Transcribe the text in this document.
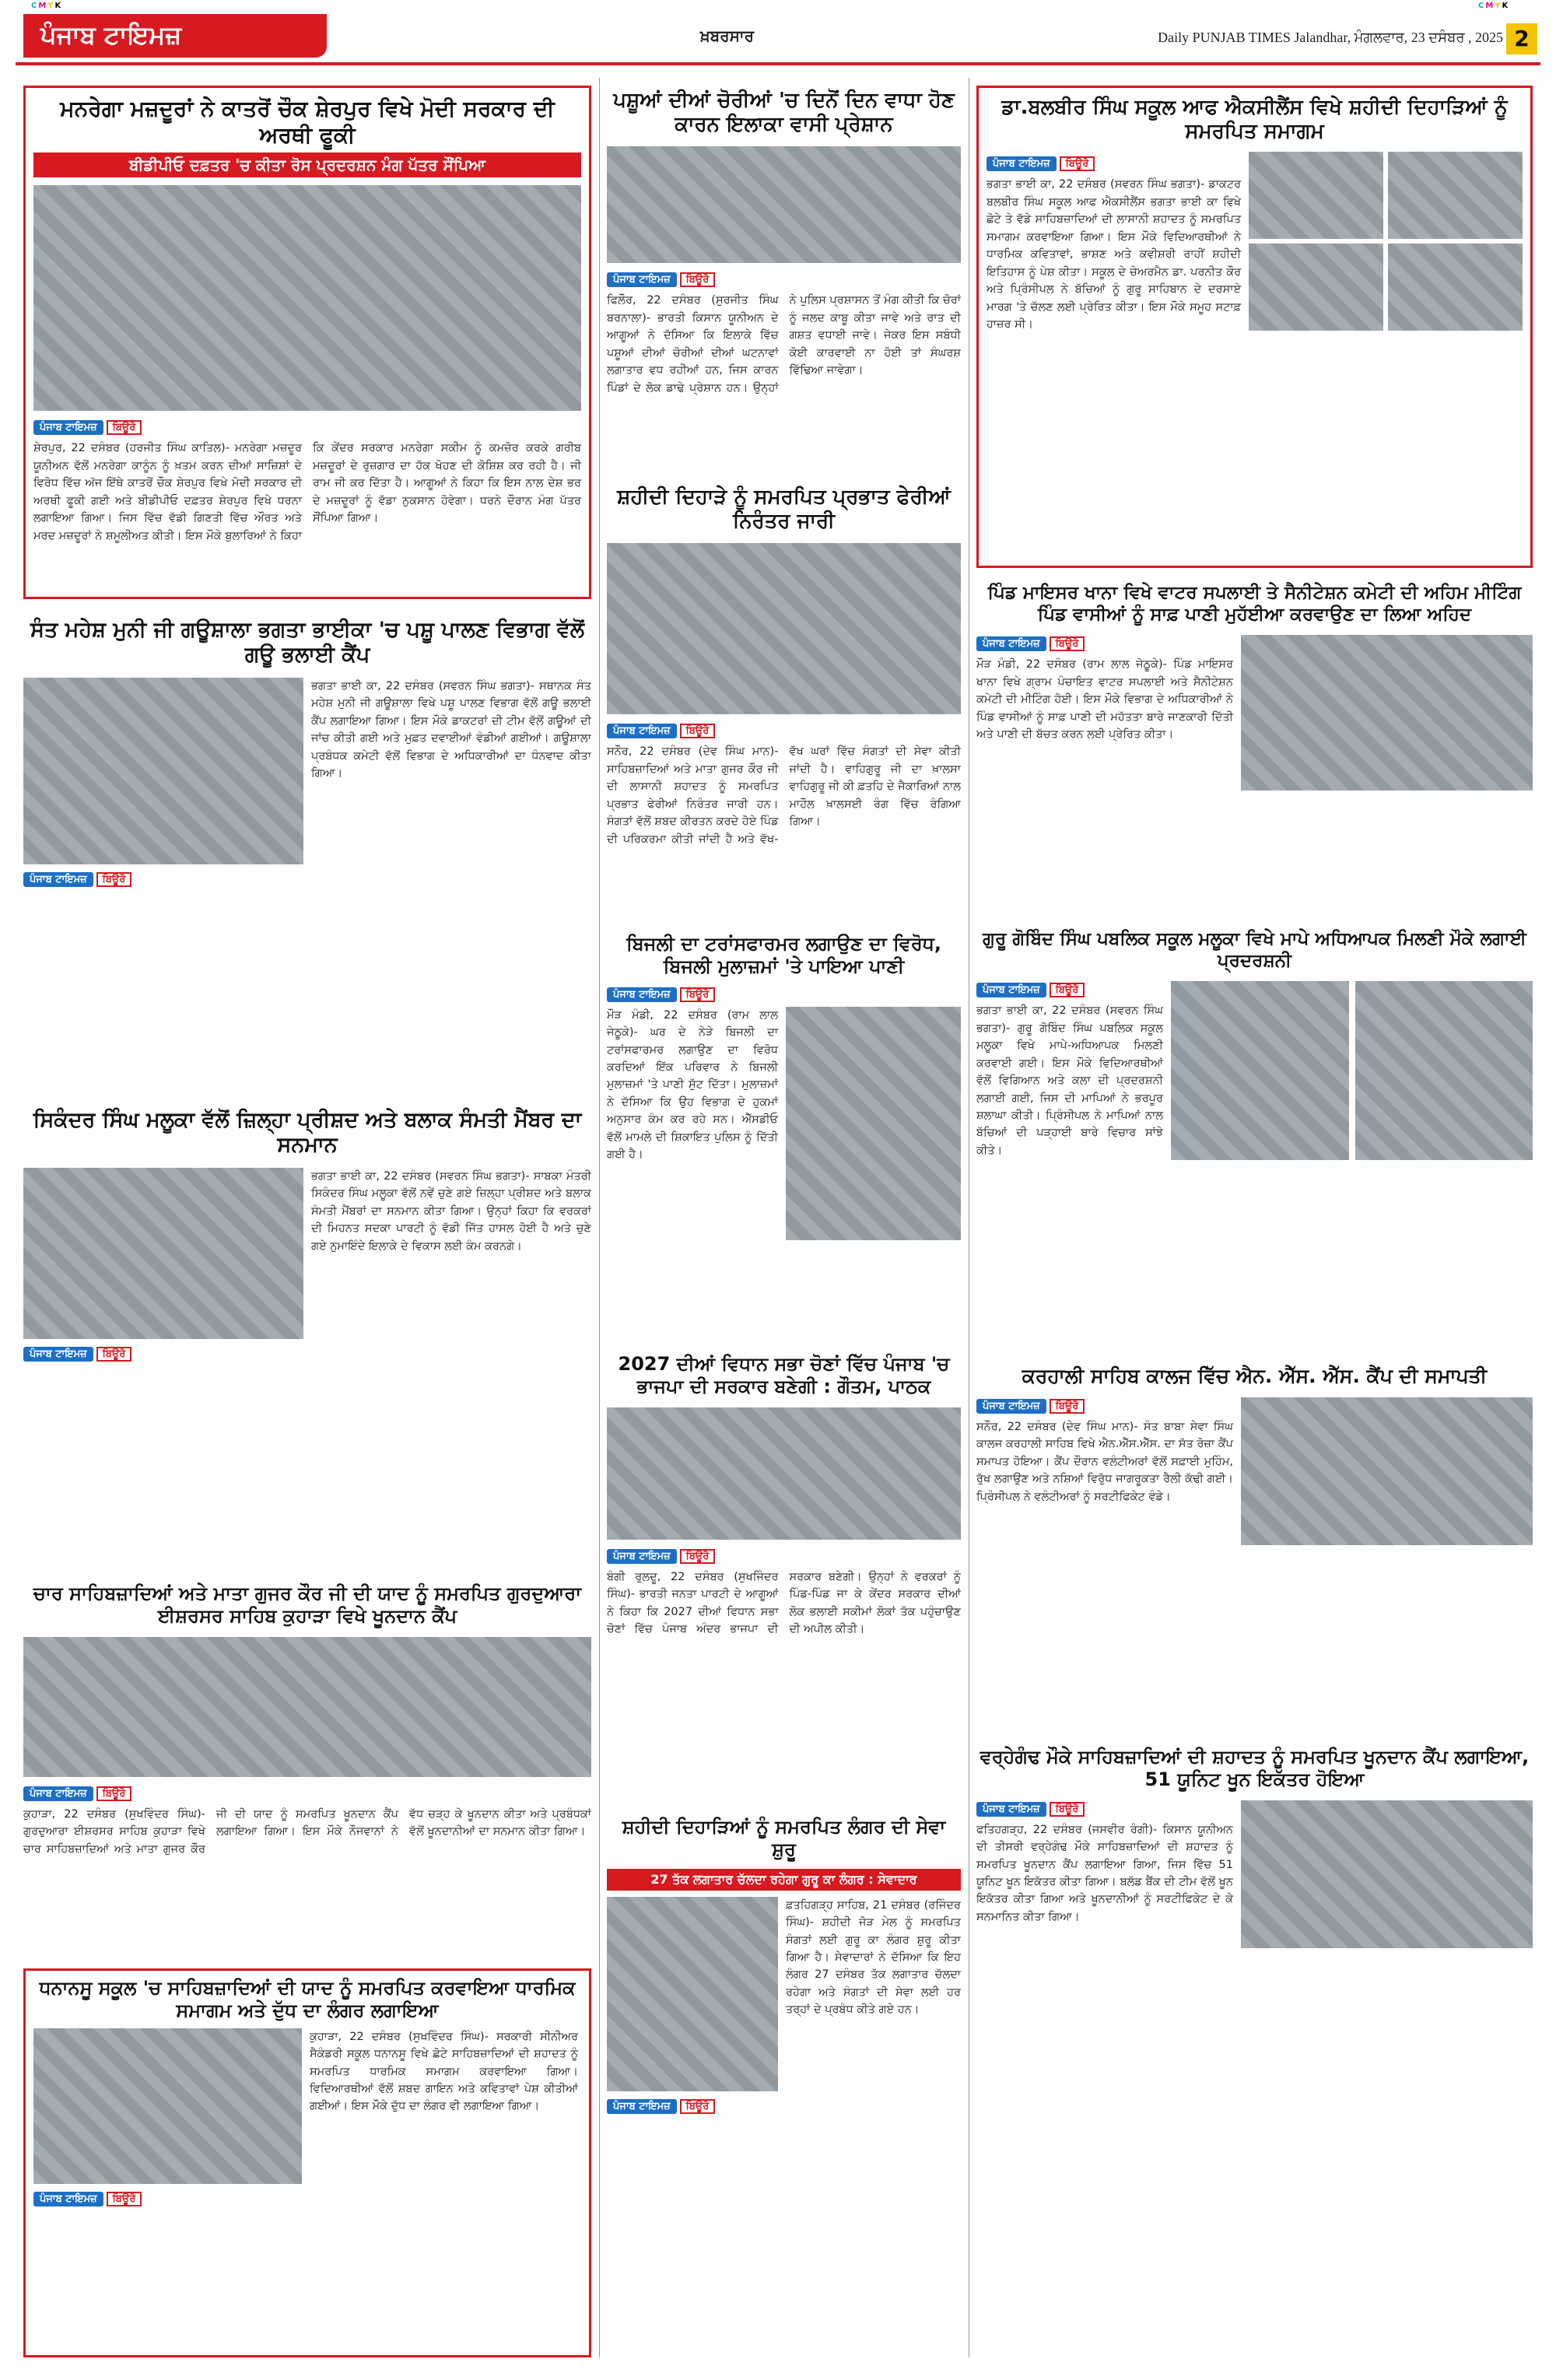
CMYK	CMYK
ਪੰਜਾਬ ਟਾਇਮਜ਼	ਖ਼ਬਰਸਾਰ	Daily PUNJAB TIMES Jalandhar, ਮੰਗਲਵਾਰ, 23 ਦਸੰਬਰ , 2025 2
ਮਨਰੇਗਾ ਮਜ਼ਦੂਰਾਂ ਨੇ ਕਾਤਰੋਂ ਚੌਕ ਸ਼ੇਰਪੁਰ ਵਿਖੇ ਮੋਦੀ ਸਰਕਾਰ ਦੀ ਅਰਥੀ ਫੂਕੀ
ਬੀਡੀਪੀਓ ਦਫ਼ਤਰ 'ਚ ਕੀਤਾ ਰੋਸ ਪ੍ਰਦਰਸ਼ਨ ਮੰਗ ਪੱਤਰ ਸੌਂਪਿਆ
ਪੰਜਾਬ ਟਾਇਮਜ਼ ਬਿਊਰੋ
ਸ਼ੇਰਪੁਰ, 22 ਦਸੰਬਰ (ਹਰਜੀਤ ਸਿੰਘ ਕਾਤਿਲ)- ਮਨਰੇਗਾ ਮਜ਼ਦੂਰ ਯੂਨੀਅਨ ਵੱਲੋਂ ਮਨਰੇਗਾ ਕਾਨੂੰਨ ਨੂੰ ਖ਼ਤਮ ਕਰਨ ਦੀਆਂ ਸਾਜ਼ਿਸ਼ਾਂ ਦੇ ਵਿਰੋਧ ਵਿੱਚ ਅੱਜ ਇੱਥੇ ਕਾਤਰੋਂ ਚੌਕ ਸ਼ੇਰਪੁਰ ਵਿਖੇ ਮੋਦੀ ਸਰਕਾਰ ਦੀ ਅਰਥੀ ਫੂਕੀ ਗਈ ਅਤੇ ਬੀਡੀਪੀਓ ਦਫ਼ਤਰ ਸ਼ੇਰਪੁਰ ਵਿਖੇ ਧਰਨਾ ਲਗਾਇਆ ਗਿਆ। ਜਿਸ ਵਿੱਚ ਵੱਡੀ ਗਿਣਤੀ ਵਿੱਚ ਔਰਤ ਅਤੇ ਮਰਦ ਮਜ਼ਦੂਰਾਂ ਨੇ ਸ਼ਮੂਲੀਅਤ ਕੀਤੀ। ਇਸ ਮੌਕੇ ਬੁਲਾਰਿਆਂ ਨੇ ਕਿਹਾ ਕਿ ਕੇਂਦਰ ਸਰਕਾਰ ਮਨਰੇਗਾ ਸਕੀਮ ਨੂੰ ਕਮਜ਼ੋਰ ਕਰਕੇ ਗਰੀਬ ਮਜ਼ਦੂਰਾਂ ਦੇ ਰੁਜ਼ਗਾਰ ਦਾ ਹੱਕ ਖੋਹਣ ਦੀ ਕੋਸ਼ਿਸ਼ ਕਰ ਰਹੀ ਹੈ। ਜੀ ਰਾਮ ਜੀ ਕਰ ਦਿੱਤਾ ਹੈ। ਆਗੂਆਂ ਨੇ ਕਿਹਾ ਕਿ ਇਸ ਨਾਲ ਦੇਸ਼ ਭਰ ਦੇ ਮਜ਼ਦੂਰਾਂ ਨੂੰ ਵੱਡਾ ਨੁਕਸਾਨ ਹੋਵੇਗਾ। ਧਰਨੇ ਦੌਰਾਨ ਮੰਗ ਪੱਤਰ ਸੌਂਪਿਆ ਗਿਆ।
ਪਸ਼ੂਆਂ ਦੀਆਂ ਚੋਰੀਆਂ 'ਚ ਦਿਨੋਂ ਦਿਨ ਵਾਧਾ ਹੋਣ ਕਾਰਨ ਇਲਾਕਾ ਵਾਸੀ ਪ੍ਰੇਸ਼ਾਨ
ਪੰਜਾਬ ਟਾਇਮਜ਼ ਬਿਊਰੋ
ਫਿਲੌਰ, 22 ਦਸੰਬਰ (ਸੁਰਜੀਤ ਸਿੰਘ ਬਰਨਾਲਾ)- ਭਾਰਤੀ ਕਿਸਾਨ ਯੂਨੀਅਨ ਦੇ ਆਗੂਆਂ ਨੇ ਦੱਸਿਆ ਕਿ ਇਲਾਕੇ ਵਿੱਚ ਪਸ਼ੂਆਂ ਦੀਆਂ ਚੋਰੀਆਂ ਦੀਆਂ ਘਟਨਾਵਾਂ ਲਗਾਤਾਰ ਵਧ ਰਹੀਆਂ ਹਨ, ਜਿਸ ਕਾਰਨ ਪਿੰਡਾਂ ਦੇ ਲੋਕ ਡਾਢੇ ਪ੍ਰੇਸ਼ਾਨ ਹਨ। ਉਨ੍ਹਾਂ ਨੇ ਪੁਲਿਸ ਪ੍ਰਸ਼ਾਸਨ ਤੋਂ ਮੰਗ ਕੀਤੀ ਕਿ ਚੋਰਾਂ ਨੂੰ ਜਲਦ ਕਾਬੂ ਕੀਤਾ ਜਾਵੇ ਅਤੇ ਰਾਤ ਦੀ ਗਸ਼ਤ ਵਧਾਈ ਜਾਵੇ। ਜੇਕਰ ਇਸ ਸਬੰਧੀ ਕੋਈ ਕਾਰਵਾਈ ਨਾ ਹੋਈ ਤਾਂ ਸੰਘਰਸ਼ ਵਿੱਢਿਆ ਜਾਵੇਗਾ।
ਸ਼ਹੀਦੀ ਦਿਹਾੜੇ ਨੂੰ ਸਮਰਪਿਤ ਪ੍ਰਭਾਤ ਫੇਰੀਆਂ ਨਿਰੰਤਰ ਜਾਰੀ
ਪੰਜਾਬ ਟਾਇਮਜ਼ ਬਿਊਰੋ
ਸਨੌਰ, 22 ਦਸੰਬਰ (ਦੇਵ ਸਿੰਘ ਮਾਨ)- ਸਾਹਿਬਜ਼ਾਦਿਆਂ ਅਤੇ ਮਾਤਾ ਗੁਜਰ ਕੌਰ ਜੀ ਦੀ ਲਾਸਾਨੀ ਸ਼ਹਾਦਤ ਨੂੰ ਸਮਰਪਿਤ ਪ੍ਰਭਾਤ ਫੇਰੀਆਂ ਨਿਰੰਤਰ ਜਾਰੀ ਹਨ। ਸੰਗਤਾਂ ਵੱਲੋਂ ਸ਼ਬਦ ਕੀਰਤਨ ਕਰਦੇ ਹੋਏ ਪਿੰਡ ਦੀ ਪਰਿਕਰਮਾ ਕੀਤੀ ਜਾਂਦੀ ਹੈ ਅਤੇ ਵੱਖ-ਵੱਖ ਘਰਾਂ ਵਿੱਚ ਸੰਗਤਾਂ ਦੀ ਸੇਵਾ ਕੀਤੀ ਜਾਂਦੀ ਹੈ। ਵਾਹਿਗੁਰੂ ਜੀ ਦਾ ਖ਼ਾਲਸਾ ਵਾਹਿਗੁਰੂ ਜੀ ਕੀ ਫ਼ਤਹਿ ਦੇ ਜੈਕਾਰਿਆਂ ਨਾਲ ਮਾਹੌਲ ਖ਼ਾਲਸਈ ਰੰਗ ਵਿੱਚ ਰੰਗਿਆ ਗਿਆ।
ਡਾ.ਬਲਬੀਰ ਸਿੰਘ ਸਕੂਲ ਆਫ ਐਕਸੀਲੈਂਸ ਵਿਖੇ ਸ਼ਹੀਦੀ ਦਿਹਾੜਿਆਂ ਨੂੰ ਸਮਰਪਿਤ ਸਮਾਗਮ
ਪੰਜਾਬ ਟਾਇਮਜ਼ ਬਿਊਰੋ
ਭਗਤਾ ਭਾਈ ਕਾ, 22 ਦਸੰਬਰ (ਸਵਰਨ ਸਿੰਘ ਭਗਤਾ)- ਡਾਕਟਰ ਬਲਬੀਰ ਸਿੰਘ ਸਕੂਲ ਆਫ ਐਕਸੀਲੈਂਸ ਭਗਤਾ ਭਾਈ ਕਾ ਵਿਖੇ ਛੋਟੇ ਤੇ ਵੱਡੇ ਸਾਹਿਬਜ਼ਾਦਿਆਂ ਦੀ ਲਾਸਾਨੀ ਸ਼ਹਾਦਤ ਨੂੰ ਸਮਰਪਿਤ ਸਮਾਗਮ ਕਰਵਾਇਆ ਗਿਆ। ਇਸ ਮੌਕੇ ਵਿਦਿਆਰਥੀਆਂ ਨੇ ਧਾਰਮਿਕ ਕਵਿਤਾਵਾਂ, ਭਾਸ਼ਣ ਅਤੇ ਕਵੀਸ਼ਰੀ ਰਾਹੀਂ ਸ਼ਹੀਦੀ ਇਤਿਹਾਸ ਨੂੰ ਪੇਸ਼ ਕੀਤਾ। ਸਕੂਲ ਦੇ ਚੇਅਰਮੈਨ ਡਾ. ਪਰਨੀਤ ਕੌਰ ਅਤੇ ਪ੍ਰਿੰਸੀਪਲ ਨੇ ਬੱਚਿਆਂ ਨੂੰ ਗੁਰੂ ਸਾਹਿਬਾਨ ਦੇ ਦਰਸਾਏ ਮਾਰਗ 'ਤੇ ਚੱਲਣ ਲਈ ਪ੍ਰੇਰਿਤ ਕੀਤਾ। ਇਸ ਮੌਕੇ ਸਮੂਹ ਸਟਾਫ਼ ਹਾਜ਼ਰ ਸੀ।
ਪਿੰਡ ਮਾਇਸਰ ਖਾਨਾ ਵਿਖੇ ਵਾਟਰ ਸਪਲਾਈ ਤੇ ਸੈਨੀਟੇਸ਼ਨ ਕਮੇਟੀ ਦੀ ਅਹਿਮ ਮੀਟਿੰਗ ਪਿੰਡ ਵਾਸੀਆਂ ਨੂੰ ਸਾਫ਼ ਪਾਣੀ ਮੁਹੱਈਆ ਕਰਵਾਉਣ ਦਾ ਲਿਆ ਅਹਿਦ
ਪੰਜਾਬ ਟਾਇਮਜ਼ ਬਿਊਰੋ
ਮੌੜ ਮੰਡੀ, 22 ਦਸੰਬਰ (ਰਾਮ ਲਾਲ ਜੇਠੂਕੇ)- ਪਿੰਡ ਮਾਇਸਰ ਖਾਨਾ ਵਿਖੇ ਗ੍ਰਾਮ ਪੰਚਾਇਤ ਵਾਟਰ ਸਪਲਾਈ ਅਤੇ ਸੈਨੀਟੇਸ਼ਨ ਕਮੇਟੀ ਦੀ ਮੀਟਿੰਗ ਹੋਈ। ਇਸ ਮੌਕੇ ਵਿਭਾਗ ਦੇ ਅਧਿਕਾਰੀਆਂ ਨੇ ਪਿੰਡ ਵਾਸੀਆਂ ਨੂੰ ਸਾਫ਼ ਪਾਣੀ ਦੀ ਮਹੱਤਤਾ ਬਾਰੇ ਜਾਣਕਾਰੀ ਦਿੱਤੀ ਅਤੇ ਪਾਣੀ ਦੀ ਬੱਚਤ ਕਰਨ ਲਈ ਪ੍ਰੇਰਿਤ ਕੀਤਾ।
ਸੰਤ ਮਹੇਸ਼ ਮੁਨੀ ਜੀ ਗਊਸ਼ਾਲਾ ਭਗਤਾ ਭਾਈਕਾ 'ਚ ਪਸ਼ੂ ਪਾਲਣ ਵਿਭਾਗ ਵੱਲੋਂ ਗਊ ਭਲਾਈ ਕੈਂਪ
ਪੰਜਾਬ ਟਾਇਮਜ਼ ਬਿਊਰੋ
ਭਗਤਾ ਭਾਈ ਕਾ, 22 ਦਸੰਬਰ (ਸਵਰਨ ਸਿੰਘ ਭਗਤਾ)- ਸਥਾਨਕ ਸੰਤ ਮਹੇਸ਼ ਮੁਨੀ ਜੀ ਗਊਸ਼ਾਲਾ ਵਿਖੇ ਪਸ਼ੂ ਪਾਲਣ ਵਿਭਾਗ ਵੱਲੋਂ ਗਊ ਭਲਾਈ ਕੈਂਪ ਲਗਾਇਆ ਗਿਆ। ਇਸ ਮੌਕੇ ਡਾਕਟਰਾਂ ਦੀ ਟੀਮ ਵੱਲੋਂ ਗਊਆਂ ਦੀ ਜਾਂਚ ਕੀਤੀ ਗਈ ਅਤੇ ਮੁਫ਼ਤ ਦਵਾਈਆਂ ਵੰਡੀਆਂ ਗਈਆਂ। ਗਊਸ਼ਾਲਾ ਪ੍ਰਬੰਧਕ ਕਮੇਟੀ ਵੱਲੋਂ ਵਿਭਾਗ ਦੇ ਅਧਿਕਾਰੀਆਂ ਦਾ ਧੰਨਵਾਦ ਕੀਤਾ ਗਿਆ।
ਸਿਕੰਦਰ ਸਿੰਘ ਮਲੂਕਾ ਵੱਲੋਂ ਜ਼ਿਲ੍ਹਾ ਪ੍ਰੀਸ਼ਦ ਅਤੇ ਬਲਾਕ ਸੰਮਤੀ ਮੈਂਬਰ ਦਾ ਸਨਮਾਨ
ਪੰਜਾਬ ਟਾਇਮਜ਼ ਬਿਊਰੋ
ਭਗਤਾ ਭਾਈ ਕਾ, 22 ਦਸੰਬਰ (ਸਵਰਨ ਸਿੰਘ ਭਗਤਾ)- ਸਾਬਕਾ ਮੰਤਰੀ ਸਿਕੰਦਰ ਸਿੰਘ ਮਲੂਕਾ ਵੱਲੋਂ ਨਵੇਂ ਚੁਣੇ ਗਏ ਜ਼ਿਲ੍ਹਾ ਪ੍ਰੀਸ਼ਦ ਅਤੇ ਬਲਾਕ ਸੰਮਤੀ ਮੈਂਬਰਾਂ ਦਾ ਸਨਮਾਨ ਕੀਤਾ ਗਿਆ। ਉਨ੍ਹਾਂ ਕਿਹਾ ਕਿ ਵਰਕਰਾਂ ਦੀ ਮਿਹਨਤ ਸਦਕਾ ਪਾਰਟੀ ਨੂੰ ਵੱਡੀ ਜਿੱਤ ਹਾਸਲ ਹੋਈ ਹੈ ਅਤੇ ਚੁਣੇ ਗਏ ਨੁਮਾਇੰਦੇ ਇਲਾਕੇ ਦੇ ਵਿਕਾਸ ਲਈ ਕੰਮ ਕਰਨਗੇ।
ਚਾਰ ਸਾਹਿਬਜ਼ਾਦਿਆਂ ਅਤੇ ਮਾਤਾ ਗੁਜਰ ਕੌਰ ਜੀ ਦੀ ਯਾਦ ਨੂੰ ਸਮਰਪਿਤ ਗੁਰਦੁਆਰਾ ਈਸ਼ਰਸਰ ਸਾਹਿਬ ਕੁਹਾੜਾ ਵਿਖੇ ਖੂਨਦਾਨ ਕੈਂਪ
ਪੰਜਾਬ ਟਾਇਮਜ਼ ਬਿਊਰੋ
ਕੁਹਾੜਾ, 22 ਦਸੰਬਰ (ਸੁਖਵਿੰਦਰ ਸਿੰਘ)- ਗੁਰਦੁਆਰਾ ਈਸ਼ਰਸਰ ਸਾਹਿਬ ਕੁਹਾੜਾ ਵਿਖੇ ਚਾਰ ਸਾਹਿਬਜ਼ਾਦਿਆਂ ਅਤੇ ਮਾਤਾ ਗੁਜਰ ਕੌਰ ਜੀ ਦੀ ਯਾਦ ਨੂੰ ਸਮਰਪਿਤ ਖੂਨਦਾਨ ਕੈਂਪ ਲਗਾਇਆ ਗਿਆ। ਇਸ ਮੌਕੇ ਨੌਜਵਾਨਾਂ ਨੇ ਵੱਧ ਚੜ੍ਹ ਕੇ ਖੂਨਦਾਨ ਕੀਤਾ ਅਤੇ ਪ੍ਰਬੰਧਕਾਂ ਵੱਲੋਂ ਖੂਨਦਾਨੀਆਂ ਦਾ ਸਨਮਾਨ ਕੀਤਾ ਗਿਆ।
ਧਨਾਨਸੂ ਸਕੂਲ 'ਚ ਸਾਹਿਬਜ਼ਾਦਿਆਂ ਦੀ ਯਾਦ ਨੂੰ ਸਮਰਪਿਤ ਕਰਵਾਇਆ ਧਾਰਮਿਕ ਸਮਾਗਮ ਅਤੇ ਦੁੱਧ ਦਾ ਲੰਗਰ ਲਗਾਇਆ
ਪੰਜਾਬ ਟਾਇਮਜ਼ ਬਿਊਰੋ
ਕੁਹਾੜਾ, 22 ਦਸੰਬਰ (ਸੁਖਵਿੰਦਰ ਸਿੰਘ)- ਸਰਕਾਰੀ ਸੀਨੀਅਰ ਸੈਕੰਡਰੀ ਸਕੂਲ ਧਨਾਨਸੂ ਵਿਖੇ ਛੋਟੇ ਸਾਹਿਬਜ਼ਾਦਿਆਂ ਦੀ ਸ਼ਹਾਦਤ ਨੂੰ ਸਮਰਪਿਤ ਧਾਰਮਿਕ ਸਮਾਗਮ ਕਰਵਾਇਆ ਗਿਆ। ਵਿਦਿਆਰਥੀਆਂ ਵੱਲੋਂ ਸ਼ਬਦ ਗਾਇਨ ਅਤੇ ਕਵਿਤਾਵਾਂ ਪੇਸ਼ ਕੀਤੀਆਂ ਗਈਆਂ। ਇਸ ਮੌਕੇ ਦੁੱਧ ਦਾ ਲੰਗਰ ਵੀ ਲਗਾਇਆ ਗਿਆ।
ਬਿਜਲੀ ਦਾ ਟਰਾਂਸਫਾਰਮਰ ਲਗਾਉਣ ਦਾ ਵਿਰੋਧ, ਬਿਜਲੀ ਮੁਲਾਜ਼ਮਾਂ 'ਤੇ ਪਾਇਆ ਪਾਣੀ
ਪੰਜਾਬ ਟਾਇਮਜ਼ ਬਿਊਰੋ
ਮੌੜ ਮੰਡੀ, 22 ਦਸੰਬਰ (ਰਾਮ ਲਾਲ ਜੇਠੂਕੇ)- ਘਰ ਦੇ ਨੇੜੇ ਬਿਜਲੀ ਦਾ ਟਰਾਂਸਫਾਰਮਰ ਲਗਾਉਣ ਦਾ ਵਿਰੋਧ ਕਰਦਿਆਂ ਇੱਕ ਪਰਿਵਾਰ ਨੇ ਬਿਜਲੀ ਮੁਲਾਜ਼ਮਾਂ 'ਤੇ ਪਾਣੀ ਸੁੱਟ ਦਿੱਤਾ। ਮੁਲਾਜ਼ਮਾਂ ਨੇ ਦੱਸਿਆ ਕਿ ਉਹ ਵਿਭਾਗ ਦੇ ਹੁਕਮਾਂ ਅਨੁਸਾਰ ਕੰਮ ਕਰ ਰਹੇ ਸਨ। ਐੱਸਡੀਓ ਵੱਲੋਂ ਮਾਮਲੇ ਦੀ ਸ਼ਿਕਾਇਤ ਪੁਲਿਸ ਨੂੰ ਦਿੱਤੀ ਗਈ ਹੈ।
2027 ਦੀਆਂ ਵਿਧਾਨ ਸਭਾ ਚੋਣਾਂ ਵਿੱਚ ਪੰਜਾਬ 'ਚ ਭਾਜਪਾ ਦੀ ਸਰਕਾਰ ਬਣੇਗੀ : ਗੌਤਮ, ਪਾਠਕ
ਪੰਜਾਬ ਟਾਇਮਜ਼ ਬਿਊਰੋ
ਬੰਗੀ ਰੁਲਦੂ, 22 ਦਸੰਬਰ (ਸੁਖਜਿੰਦਰ ਸਿੰਘ)- ਭਾਰਤੀ ਜਨਤਾ ਪਾਰਟੀ ਦੇ ਆਗੂਆਂ ਨੇ ਕਿਹਾ ਕਿ 2027 ਦੀਆਂ ਵਿਧਾਨ ਸਭਾ ਚੋਣਾਂ ਵਿੱਚ ਪੰਜਾਬ ਅੰਦਰ ਭਾਜਪਾ ਦੀ ਸਰਕਾਰ ਬਣੇਗੀ। ਉਨ੍ਹਾਂ ਨੇ ਵਰਕਰਾਂ ਨੂੰ ਪਿੰਡ-ਪਿੰਡ ਜਾ ਕੇ ਕੇਂਦਰ ਸਰਕਾਰ ਦੀਆਂ ਲੋਕ ਭਲਾਈ ਸਕੀਮਾਂ ਲੋਕਾਂ ਤੱਕ ਪਹੁੰਚਾਉਣ ਦੀ ਅਪੀਲ ਕੀਤੀ।
ਸ਼ਹੀਦੀ ਦਿਹਾੜਿਆਂ ਨੂੰ ਸਮਰਪਿਤ ਲੰਗਰ ਦੀ ਸੇਵਾ ਸ਼ੁਰੂ
27 ਤੱਕ ਲਗਾਤਾਰ ਚੱਲਦਾ ਰਹੇਗਾ ਗੁਰੂ ਕਾ ਲੰਗਰ : ਸੇਵਾਦਾਰ
ਪੰਜਾਬ ਟਾਇਮਜ਼ ਬਿਊਰੋ
ਫ਼ਤਹਿਗੜ੍ਹ ਸਾਹਿਬ, 21 ਦਸੰਬਰ (ਰਜਿੰਦਰ ਸਿੰਘ)- ਸ਼ਹੀਦੀ ਜੋੜ ਮੇਲ ਨੂੰ ਸਮਰਪਿਤ ਸੰਗਤਾਂ ਲਈ ਗੁਰੂ ਕਾ ਲੰਗਰ ਸ਼ੁਰੂ ਕੀਤਾ ਗਿਆ ਹੈ। ਸੇਵਾਦਾਰਾਂ ਨੇ ਦੱਸਿਆ ਕਿ ਇਹ ਲੰਗਰ 27 ਦਸੰਬਰ ਤੱਕ ਲਗਾਤਾਰ ਚੱਲਦਾ ਰਹੇਗਾ ਅਤੇ ਸੰਗਤਾਂ ਦੀ ਸੇਵਾ ਲਈ ਹਰ ਤਰ੍ਹਾਂ ਦੇ ਪ੍ਰਬੰਧ ਕੀਤੇ ਗਏ ਹਨ।
ਗੁਰੂ ਗੋਬਿੰਦ ਸਿੰਘ ਪਬਲਿਕ ਸਕੂਲ ਮਲੂਕਾ ਵਿਖੇ ਮਾਪੇ ਅਧਿਆਪਕ ਮਿਲਣੀ ਮੌਕੇ ਲਗਾਈ ਪ੍ਰਦਰਸ਼ਨੀ
ਪੰਜਾਬ ਟਾਇਮਜ਼ ਬਿਊਰੋ
ਭਗਤਾ ਭਾਈ ਕਾ, 22 ਦਸੰਬਰ (ਸਵਰਨ ਸਿੰਘ ਭਗਤਾ)- ਗੁਰੂ ਗੋਬਿੰਦ ਸਿੰਘ ਪਬਲਿਕ ਸਕੂਲ ਮਲੂਕਾ ਵਿਖੇ ਮਾਪੇ-ਅਧਿਆਪਕ ਮਿਲਣੀ ਕਰਵਾਈ ਗਈ। ਇਸ ਮੌਕੇ ਵਿਦਿਆਰਥੀਆਂ ਵੱਲੋਂ ਵਿਗਿਆਨ ਅਤੇ ਕਲਾ ਦੀ ਪ੍ਰਦਰਸ਼ਨੀ ਲਗਾਈ ਗਈ, ਜਿਸ ਦੀ ਮਾਪਿਆਂ ਨੇ ਭਰਪੂਰ ਸ਼ਲਾਘਾ ਕੀਤੀ। ਪ੍ਰਿੰਸੀਪਲ ਨੇ ਮਾਪਿਆਂ ਨਾਲ ਬੱਚਿਆਂ ਦੀ ਪੜ੍ਹਾਈ ਬਾਰੇ ਵਿਚਾਰ ਸਾਂਝੇ ਕੀਤੇ।
ਕਰਹਾਲੀ ਸਾਹਿਬ ਕਾਲਜ ਵਿੱਚ ਐਨ. ਐੱਸ. ਐੱਸ. ਕੈਂਪ ਦੀ ਸਮਾਪਤੀ
ਪੰਜਾਬ ਟਾਇਮਜ਼ ਬਿਊਰੋ
ਸਨੌਰ, 22 ਦਸੰਬਰ (ਦੇਵ ਸਿੰਘ ਮਾਨ)- ਸੰਤ ਬਾਬਾ ਸੇਵਾ ਸਿੰਘ ਕਾਲਜ ਕਰਹਾਲੀ ਸਾਹਿਬ ਵਿਖੇ ਐਨ.ਐੱਸ.ਐੱਸ. ਦਾ ਸੱਤ ਰੋਜ਼ਾ ਕੈਂਪ ਸਮਾਪਤ ਹੋਇਆ। ਕੈਂਪ ਦੌਰਾਨ ਵਲੰਟੀਅਰਾਂ ਵੱਲੋਂ ਸਫ਼ਾਈ ਮੁਹਿੰਮ, ਰੁੱਖ ਲਗਾਉਣ ਅਤੇ ਨਸ਼ਿਆਂ ਵਿਰੁੱਧ ਜਾਗਰੂਕਤਾ ਰੈਲੀ ਕੱਢੀ ਗਈ। ਪ੍ਰਿੰਸੀਪਲ ਨੇ ਵਲੰਟੀਅਰਾਂ ਨੂੰ ਸਰਟੀਫਿਕੇਟ ਵੰਡੇ।
ਵਰ੍ਹੇਗੰਢ ਮੌਕੇ ਸਾਹਿਬਜ਼ਾਦਿਆਂ ਦੀ ਸ਼ਹਾਦਤ ਨੂੰ ਸਮਰਪਿਤ ਖੂਨਦਾਨ ਕੈਂਪ ਲਗਾਇਆ, 51 ਯੂਨਿਟ ਖੂਨ ਇਕੱਤਰ ਹੋਇਆ
ਪੰਜਾਬ ਟਾਇਮਜ਼ ਬਿਊਰੋ
ਫਤਿਹਗੜ੍ਹ, 22 ਦਸੰਬਰ (ਜਸਵੀਰ ਰੰਗੀ)- ਕਿਸਾਨ ਯੂਨੀਅਨ ਦੀ ਤੀਸਰੀ ਵਰ੍ਹੇਗੰਢ ਮੌਕੇ ਸਾਹਿਬਜ਼ਾਦਿਆਂ ਦੀ ਸ਼ਹਾਦਤ ਨੂੰ ਸਮਰਪਿਤ ਖੂਨਦਾਨ ਕੈਂਪ ਲਗਾਇਆ ਗਿਆ, ਜਿਸ ਵਿੱਚ 51 ਯੂਨਿਟ ਖੂਨ ਇਕੱਤਰ ਕੀਤਾ ਗਿਆ। ਬਲੱਡ ਬੈਂਕ ਦੀ ਟੀਮ ਵੱਲੋਂ ਖੂਨ ਇਕੱਤਰ ਕੀਤਾ ਗਿਆ ਅਤੇ ਖੂਨਦਾਨੀਆਂ ਨੂੰ ਸਰਟੀਫਿਕੇਟ ਦੇ ਕੇ ਸਨਮਾਨਿਤ ਕੀਤਾ ਗਿਆ।
